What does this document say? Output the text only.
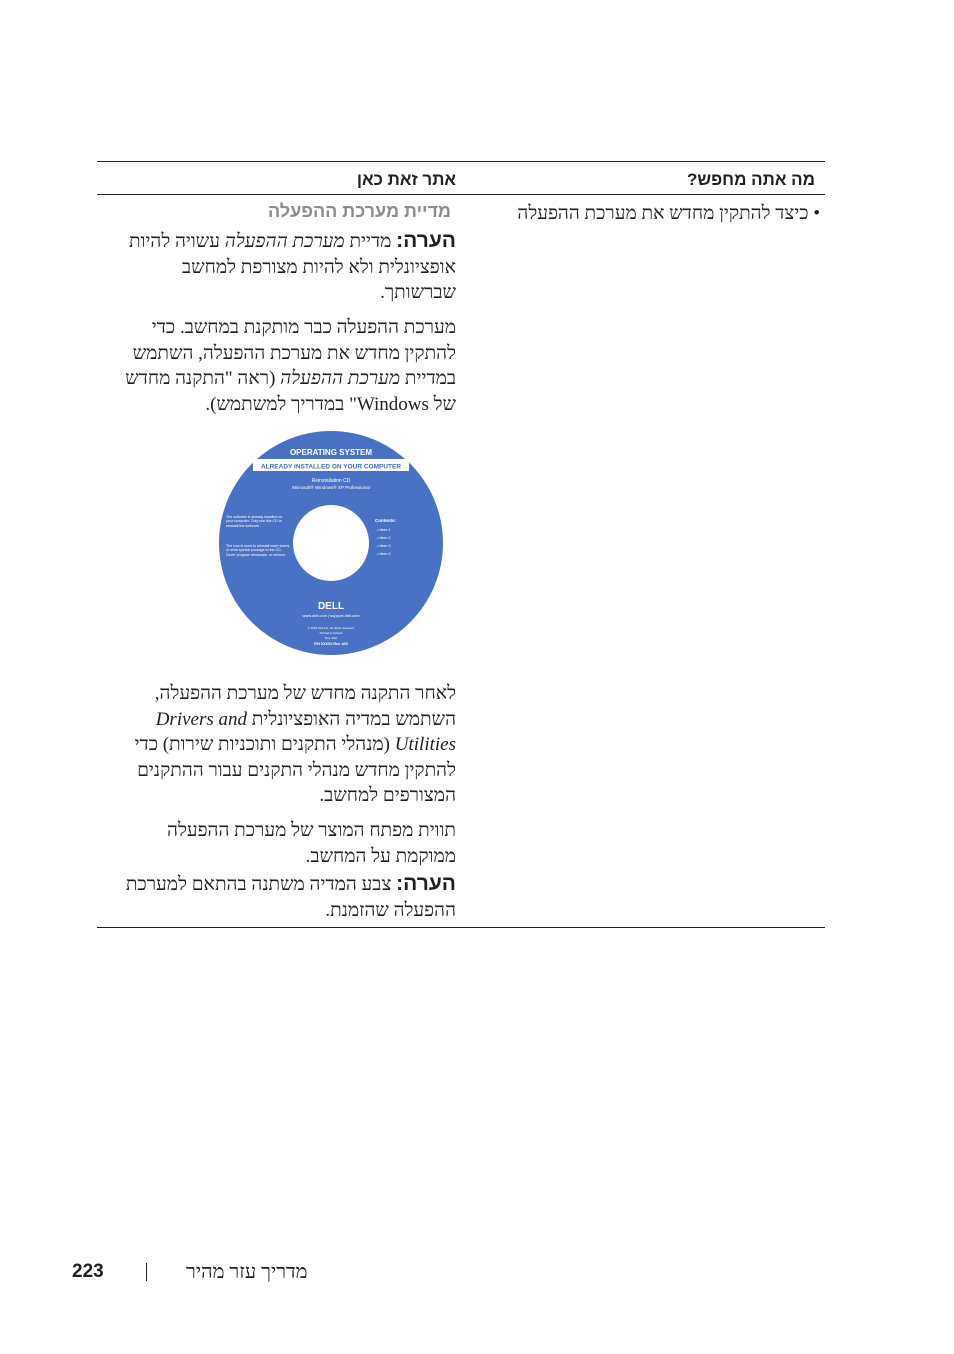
מה אתה מחפש?
אתר זאת כאן
• כיצד להתקין מחדש את מערכת ההפעלה
מדיית מערכת ההפעלה

הערה: מדיית מערכת ההפעלה עשויה להיות אופציונלית ולא להיות מצורפת למחשב שברשותך.

מערכת ההפעלה כבר מותקנת במחשב. כדי להתקין מחדש את מערכת ההפעלה, השתמש במדיית מערכת ההפעלה (ראה "התקנה מחדש של Windows" במדריך למשתמש).

OPERATING SYSTEM
ALREADY INSTALLED ON YOUR COMPUTER
Reinstallation CD
Microsoft® Windows® XP Professional
The software is already installed on your computer. Only use this CD to reinstall the software.
The loss is used to reinstall more stores or what special pockage to the CD. Dever program wholesale, or remove.
Contents:
• Item 1
• Item 2
• Item 3
• Item 4
DELL
www.dell.com | support.dell.com
© 2005 Dell Inc. All rights reserved.
Printed in Ireland
Rev. A00
P/N XXXXX Rev. A00

לאחר התקנה מחדש של מערכת ההפעלה, השתמש במדיה האופציונלית Drivers and Utilities (מנהלי התקנים ותוכניות שירות) כדי להתקין מחדש מנהלי התקנים עבור ההתקנים המצורפים למחשב.

תווית מפתח המוצר של מערכת ההפעלה ממוקמת על המחשב.

הערה: צבע המדיה משתנה בהתאם למערכת ההפעלה שהזמנת.

223	מדריך עזר מהיר
